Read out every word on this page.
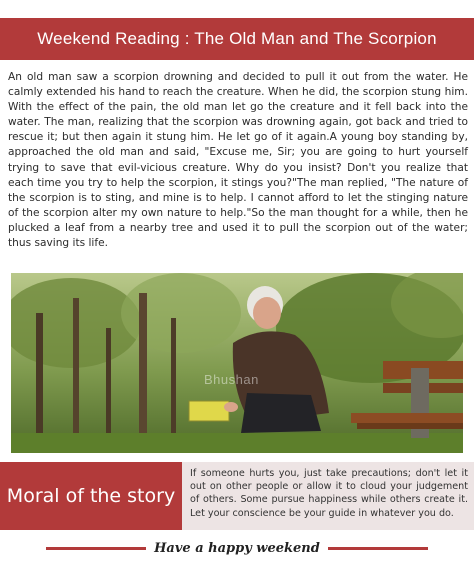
Weekend Reading : The Old Man and The Scorpion
An old man saw a scorpion drowning and decided to pull it out from the water. He calmly extended his hand to reach the creature. When he did, the scorpion stung him. With the effect of the pain, the old man let go the creature and it fell back into the water. The man, realizing that the scorpion was drowning again, got back and tried to rescue it; but then again it stung him. He let go of it again.A young boy standing by, approached the old man and said, "Excuse me, Sir; you are going to hurt yourself trying to save that evil-vicious creature. Why do you insist? Don't you realize that each time you try to help the scorpion, it stings you?"The man replied, "The nature of the scorpion is to sting, and mine is to help. I cannot afford to let the stinging nature of the scorpion alter my own nature to help."So the man thought for a while, then he plucked a leaf from a nearby tree and used it to pull the scorpion out of the water; thus saving its life.
Bhushan
Moral of the story
If someone hurts you, just take precautions; don't let it out on other people or allow it to cloud your judgement of others. Some pursue happiness while others create it. Let your conscience be your guide in whatever you do.
Have a happy weekend
